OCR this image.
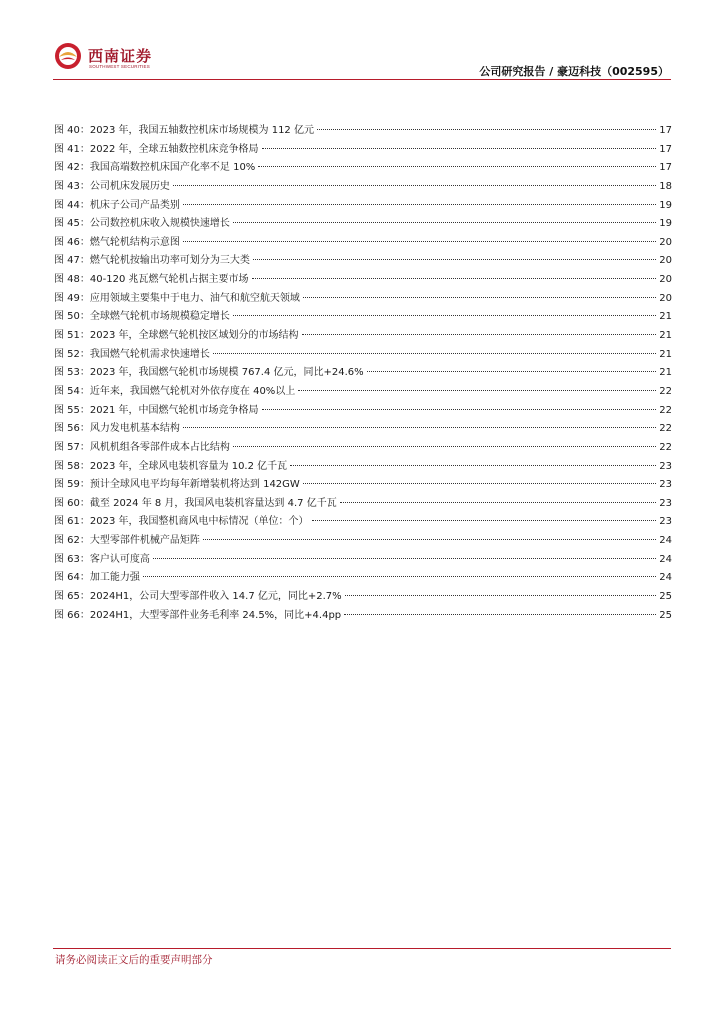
西南证券
SOUTHWEST SECURITIES	公司研究报告 / 豪迈科技（002595）
图 40：2023 年，我国五轴数控机床市场规模为 112 亿元	17
图 41：2022 年，全球五轴数控机床竞争格局	17
图 42：我国高端数控机床国产化率不足 10%	17
图 43：公司机床发展历史	18
图 44：机床子公司产品类别	19
图 45：公司数控机床收入规模快速增长	19
图 46：燃气轮机结构示意图	20
图 47：燃气轮机按输出功率可划分为三大类	20
图 48：40-120 兆瓦燃气轮机占据主要市场	20
图 49：应用领域主要集中于电力、油气和航空航天领域	20
图 50：全球燃气轮机市场规模稳定增长	21
图 51：2023 年，全球燃气轮机按区域划分的市场结构	21
图 52：我国燃气轮机需求快速增长	21
图 53：2023 年，我国燃气轮机市场规模 767.4 亿元，同比+24.6%	21
图 54：近年来，我国燃气轮机对外依存度在 40%以上	22
图 55：2021 年，中国燃气轮机市场竞争格局	22
图 56：风力发电机基本结构	22
图 57：风机机组各零部件成本占比结构	22
图 58：2023 年，全球风电装机容量为 10.2 亿千瓦	23
图 59：预计全球风电平均每年新增装机将达到 142GW	23
图 60：截至 2024 年 8 月，我国风电装机容量达到 4.7 亿千瓦	23
图 61：2023 年，我国整机商风电中标情况（单位：个）	23
图 62：大型零部件机械产品矩阵	24
图 63：客户认可度高	24
图 64：加工能力强	24
图 65：2024H1，公司大型零部件收入 14.7 亿元，同比+2.7%	25
图 66：2024H1，大型零部件业务毛利率 24.5%，同比+4.4pp	25
请务必阅读正文后的重要声明部分
